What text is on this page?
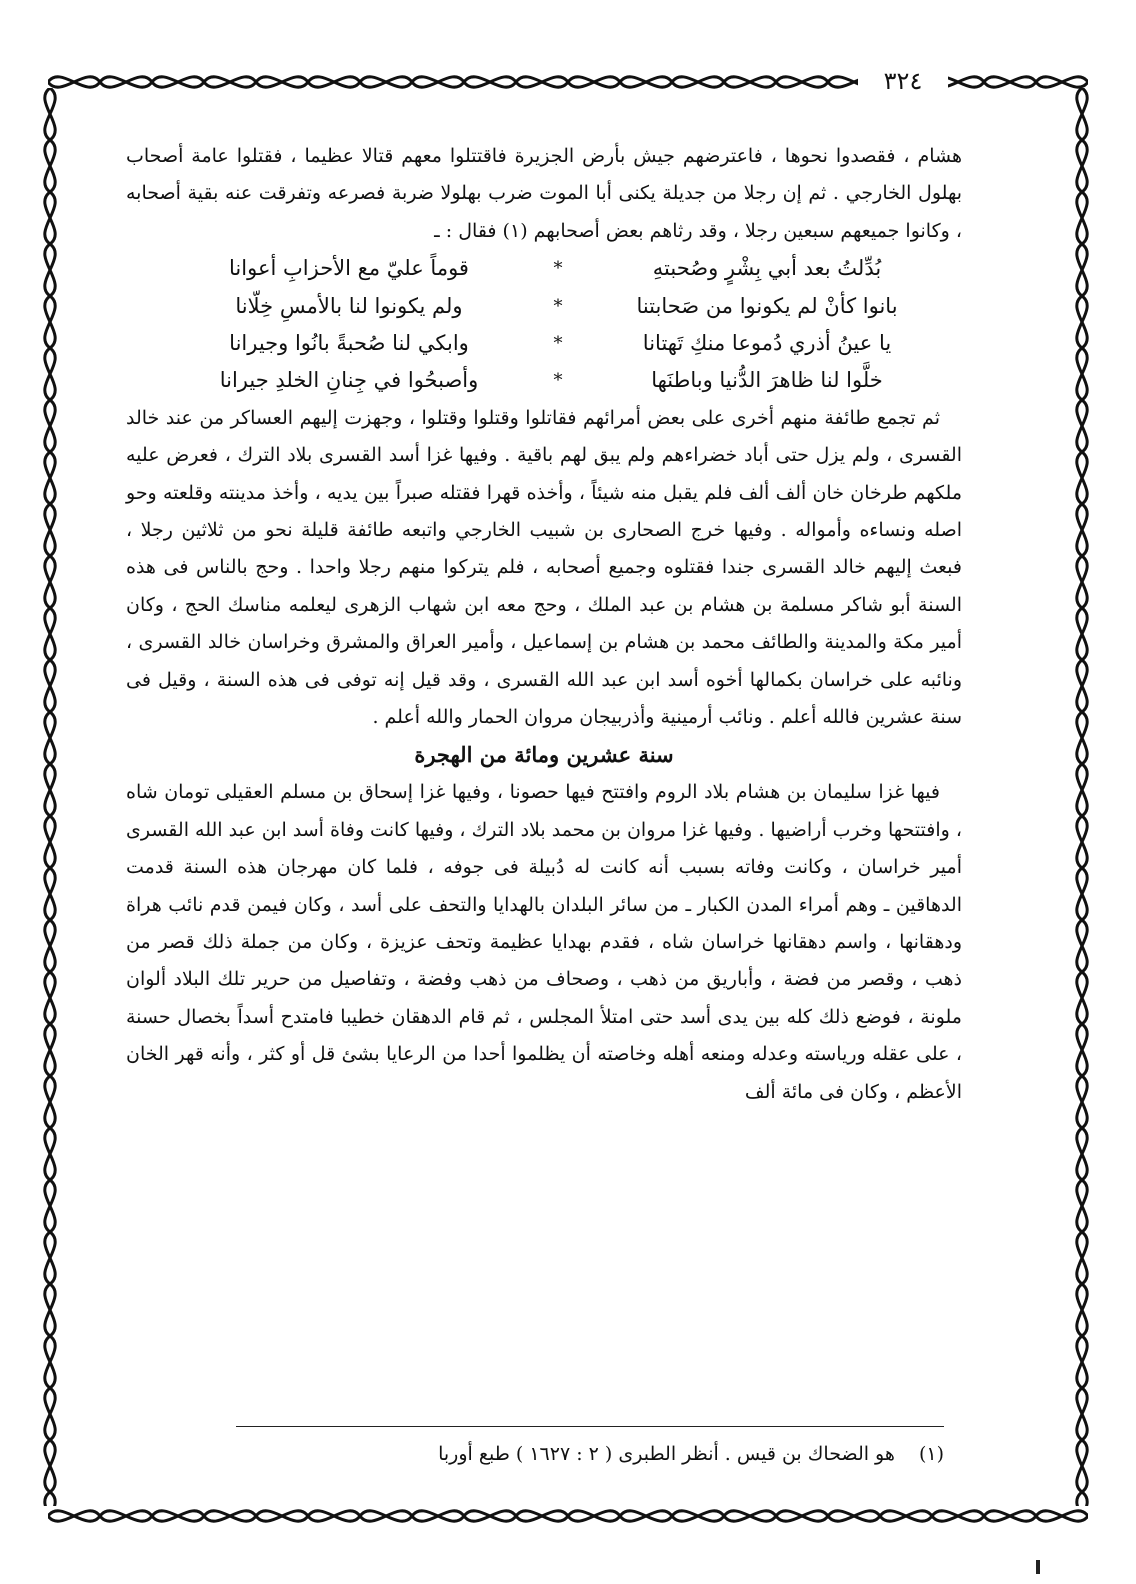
٣٢٤

هشام ، فقصدوا نحوها ، فاعترضهم جيش بأرض الجزيرة فاقتتلوا معهم قتالا عظيما ، فقتلوا عامة أصحاب بهلول الخارجي . ثم إن رجلا من جديلة يكنى أبا الموت ضرب بهلولا ضربة فصرعه وتفرقت عنه بقية أصحابه ، وكانوا جميعهم سبعين رجلا ، وقد رثاهم بعض أصحابهم (١) فقال : ـ

بُدِّلتُ بعد أبي بِشْرٍ وصُحبتهِ
*
قوماً عليّ مع الأحزابِ أعوانا
بانوا كأنْ لم يكونوا من صَحابتنا
*
ولم يكونوا لنا بالأمسِ خِلّانا
يا عينُ أذري دُموعا منكِ تَهتانا
*
وابكي لنا صُحبةً بانُوا وجيرانا
خلَّوا لنا ظاهرَ الدُّنيا وباطنَها
*
وأصبحُوا في جِنانِ الخلدِ جيرانا

ثم تجمع طائفة منهم أخرى على بعض أمرائهم فقاتلوا وقتلوا وقتلوا ، وجهزت إليهم العساكر من عند خالد القسرى ، ولم يزل حتى أباد خضراءهم ولم يبق لهم باقية . وفيها غزا أسد القسرى بلاد الترك ، فعرض عليه ملكهم طرخان خان ألف ألف فلم يقبل منه شيئاً ، وأخذه قهرا فقتله صبراً بين يديه ، وأخذ مدينته وقلعته وحو اصله ونساءه وأمواله . وفيها خرج الصحارى بن شبيب الخارجي واتبعه طائفة قليلة نحو من ثلاثين رجلا ، فبعث إليهم خالد القسرى جندا فقتلوه وجميع أصحابه ، فلم يتركوا منهم رجلا واحدا . وحج بالناس فى هذه السنة أبو شاكر مسلمة بن هشام بن عبد الملك ، وحج معه ابن شهاب الزهرى ليعلمه مناسك الحج ، وكان أمير مكة والمدينة والطائف محمد بن هشام بن إسماعيل ، وأمير العراق والمشرق وخراسان خالد القسرى ، ونائبه على خراسان بكمالها أخوه أسد ابن عبد الله القسرى ، وقد قيل إنه توفى فى هذه السنة ، وقيل فى سنة عشرين فالله أعلم . ونائب أرمينية وأذربيجان مروان الحمار والله أعلم .

سنة عشرين ومائة من الهجرة

فيها غزا سليمان بن هشام بلاد الروم وافتتح فيها حصونا ، وفيها غزا إسحاق بن مسلم العقيلى تومان شاه ، وافتتحها وخرب أراضيها . وفيها غزا مروان بن محمد بلاد الترك ، وفيها كانت وفاة أسد ابن عبد الله القسرى أمير خراسان ، وكانت وفاته بسبب أنه كانت له دُبيلة فى جوفه ، فلما كان مهرجان هذه السنة قدمت الدهاقين ـ وهم أمراء المدن الكبار ـ من سائر البلدان بالهدايا والتحف على أسد ، وكان فيمن قدم نائب هراة ودهقانها ، واسم دهقانها خراسان شاه ، فقدم بهدايا عظيمة وتحف عزيزة ، وكان من جملة ذلك قصر من ذهب ، وقصر من فضة ، وأباريق من ذهب ، وصحاف من ذهب وفضة ، وتفاصيل من حرير تلك البلاد ألوان ملونة ، فوضع ذلك كله بين يدى أسد حتى امتلأ المجلس ، ثم قام الدهقان خطيبا فامتدح أسداً بخصال حسنة ، على عقله ورياسته وعدله ومنعه أهله وخاصته أن يظلموا أحدا من الرعايا بشئ قل أو كثر ، وأنه قهر الخان الأعظم ، وكان فى مائة ألف

(١) هو الضحاك بن قيس . أنظر الطبرى ( ٢ : ١٦٢٧ ) طبع أوربا
